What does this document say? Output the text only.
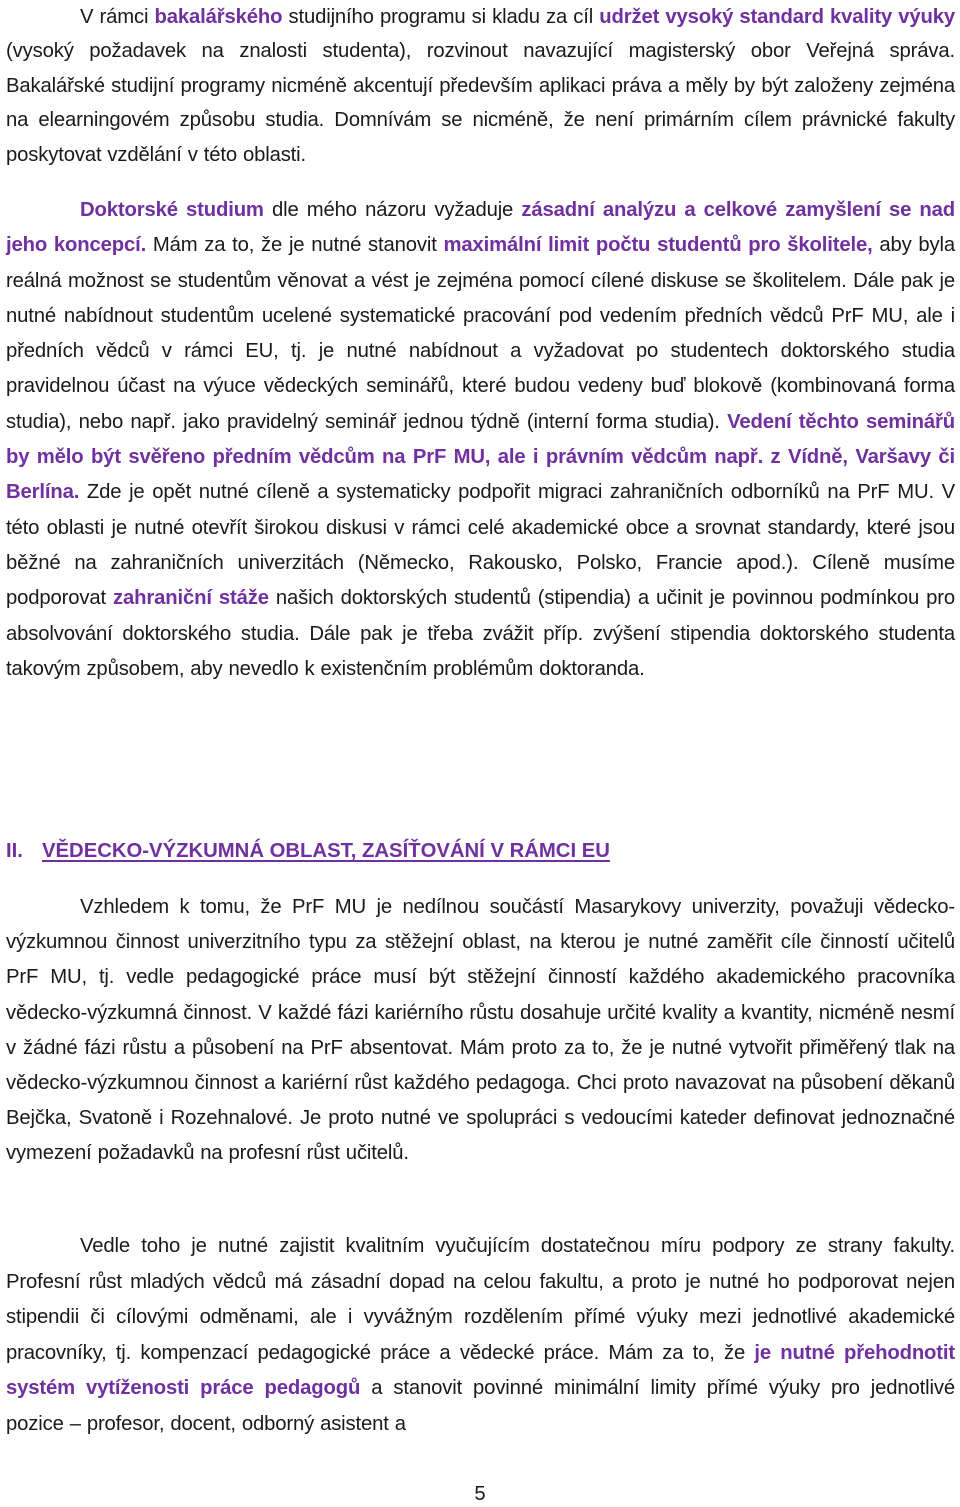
V rámci bakalářského studijního programu si kladu za cíl udržet vysoký standard kvality výuky (vysoký požadavek na znalosti studenta), rozvinout navazující magisterský obor Veřejná správa. Bakalářské studijní programy nicméně akcentují především aplikaci práva a měly by být založeny zejména na elearningovém způsobu studia. Domnívám se nicméně, že není primárním cílem právnické fakulty poskytovat vzdělání v této oblasti.

Doktorské studium dle mého názoru vyžaduje zásadní analýzu a celkové zamyšlení se nad jeho koncepcí. Mám za to, že je nutné stanovit maximální limit počtu studentů pro školitele, aby byla reálná možnost se studentům věnovat a vést je zejména pomocí cílené diskuse se školitelem. Dále pak je nutné nabídnout studentům ucelené systematické pracování pod vedením předních vědců PrF MU, ale i předních vědců v rámci EU, tj. je nutné nabídnout a vyžadovat po studentech doktorského studia pravidelnou účast na výuce vědeckých seminářů, které budou vedeny buď blokově (kombinovaná forma studia), nebo např. jako pravidelný seminář jednou týdně (interní forma studia). Vedení těchto seminářů by mělo být svěřeno předním vědcům na PrF MU, ale i právním vědcům např. z Vídně, Varšavy či Berlína. Zde je opět nutné cíleně a systematicky podpořit migraci zahraničních odborníků na PrF MU. V této oblasti je nutné otevřít širokou diskusi v rámci celé akademické obce a srovnat standardy, které jsou běžné na zahraničních univerzitách (Německo, Rakousko, Polsko, Francie apod.). Cíleně musíme podporovat zahraniční stáže našich doktorských studentů (stipendia) a učinit je povinnou podmínkou pro absolvování doktorského studia. Dále pak je třeba zvážit příp. zvýšení stipendia doktorského studenta takovým způsobem, aby nevedlo k existenčním problémům doktoranda.

II. VĚDECKO-VÝZKUMNÁ OBLAST, ZASÍŤOVÁNÍ V RÁMCI EU

Vzhledem k tomu, že PrF MU je nedílnou součástí Masarykovy univerzity, považuji vědecko-výzkumnou činnost univerzitního typu za stěžejní oblast, na kterou je nutné zaměřit cíle činností učitelů PrF MU, tj. vedle pedagogické práce musí být stěžejní činností každého akademického pracovníka vědecko-výzkumná činnost. V každé fázi kariérního růstu dosahuje určité kvality a kvantity, nicméně nesmí v žádné fázi růstu a působení na PrF absentovat. Mám proto za to, že je nutné vytvořit přiměřený tlak na vědecko-výzkumnou činnost a kariérní růst každého pedagoga. Chci proto navazovat na působení děkanů Bejčka, Svatoně i Rozehnalové. Je proto nutné ve spolupráci s vedoucími kateder definovat jednoznačné vymezení požadavků na profesní růst učitelů.

Vedle toho je nutné zajistit kvalitním vyučujícím dostatečnou míru podpory ze strany fakulty. Profesní růst mladých vědců má zásadní dopad na celou fakultu, a proto je nutné ho podporovat nejen stipendii či cílovými odměnami, ale i vyvážným rozdělením přímé výuky mezi jednotlivé akademické pracovníky, tj. kompenzací pedagogické práce a vědecké práce. Mám za to, že je nutné přehodnotit systém vytíženosti práce pedagogů a stanovit povinné minimální limity přímé výuky pro jednotlivé pozice – profesor, docent, odborný asistent a

5
